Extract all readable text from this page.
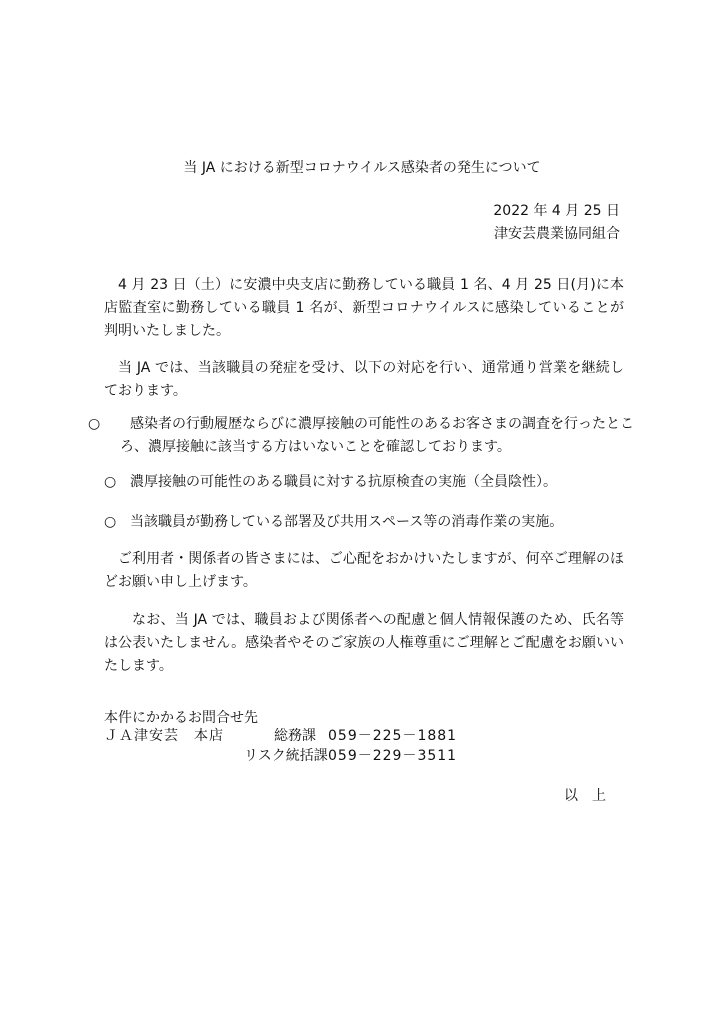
当 JA における新型コロナウイルス感染者の発生について
2022 年 4 月 25 日
津安芸農業協同組合
4 月 23 日（土）に安濃中央支店に勤務している職員 1 名、4 月 25 日(月)に本店監査室に勤務している職員 1 名が、新型コロナウイルスに感染していることが判明いたしました。
当 JA では、当該職員の発症を受け、以下の対応を行い、通常通り営業を継続しております。
○ 感染者の行動履歴ならびに濃厚接触の可能性のあるお客さまの調査を行ったところ、濃厚接触に該当する方はいないことを確認しております。
○ 濃厚接触の可能性のある職員に対する抗原検査の実施（全員陰性）。
○ 当該職員が勤務している部署及び共用スペース等の消毒作業の実施。
ご利用者・関係者の皆さまには、ご心配をおかけいたしますが、何卒ご理解のほどお願い申し上げます。
なお、当 JA では、職員および関係者への配慮と個人情報保護のため、氏名等は公表いたしません。感染者やそのご家族の人権尊重にご理解とご配慮をお願いいたします。
本件にかかるお問合せ先
ＪＡ津安芸　本店	総務課 059－225－1881
リスク統括課 059－229－3511
以上
